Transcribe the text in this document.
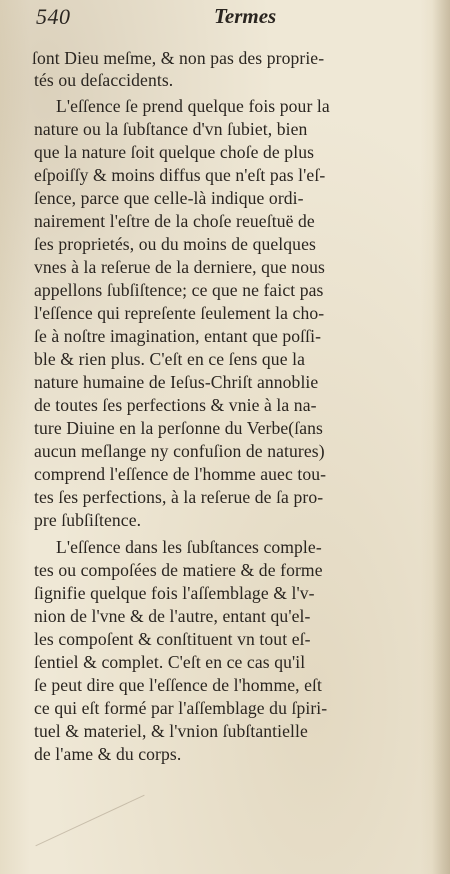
540	Termes
ſont Dieu meſme, & non pas des proprie-
tés ou deſaccidents.
L'eſſence ſe prend quelque fois pour la
nature ou la ſubſtance d'vn ſubiet, bien
que la nature ſoit quelque choſe de plus
eſpoiſſy & moins diffus que n'eſt pas l'eſ-
ſence, parce que celle-là indique ordi-
nairement l'eſtre de la choſe reueſtuë de
ſes proprietés, ou du moins de quelques
vnes à la reſerue de la derniere, que nous
appellons ſubſiſtence; ce que ne faict pas
l'eſſence qui repreſente ſeulement la cho-
ſe à noſtre imagination, entant que poſſi-
ble & rien plus. C'eſt en ce ſens que la
nature humaine de Ieſus-Chriſt annoblie
de toutes ſes perfections & vnie à la na-
ture Diuine en la perſonne du Verbe(ſans
aucun meſlange ny confuſion de natures)
comprend l'eſſence de l'homme auec tou-
tes ſes perfections, à la reſerue de ſa pro-
pre ſubſiſtence.
L'eſſence dans les ſubſtances comple-
tes ou compoſées de matiere & de forme
ſignifie quelque fois l'aſſemblage & l'v-
nion de l'vne & de l'autre, entant qu'el-
les compoſent & conſtituent vn tout eſ-
ſentiel & complet. C'eſt en ce cas qu'il
ſe peut dire que l'eſſence de l'homme, eſt
ce qui eſt formé par l'aſſemblage du ſpiri-
tuel & materiel, & l'vnion ſubſtantielle
de l'ame & du corps.
